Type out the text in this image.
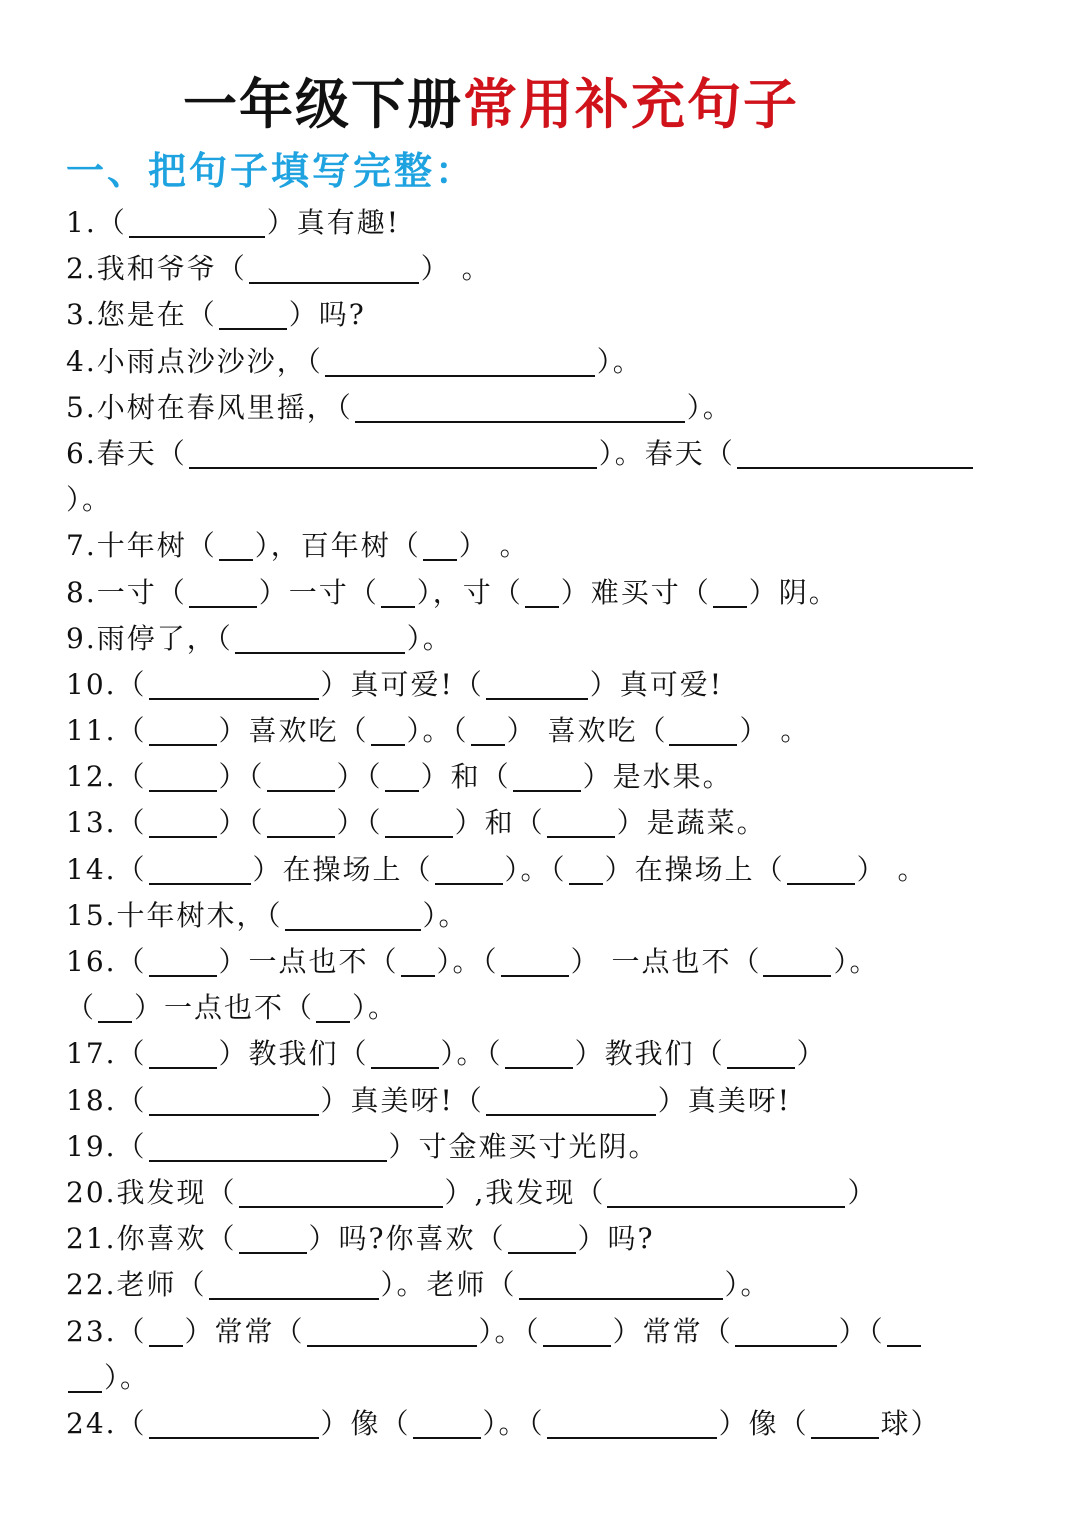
一年级下册常用补充句子
一、把句子填写完整：
1.（	）真有趣!
2.我和爷爷（	） 。
3.您是在（	）吗?
4.小雨点沙沙沙，（	）。
5.小树在春风里摇，（	）。
6.春天（	）。春天（
）。
7.十年树（ ），百年树（ ） 。
8.一寸（	）一寸（ ），寸（ ）难买寸（ ）阴。
9.雨停了，（	）。
10.（	）真可爱!（	）真可爱!
11.（	）喜欢吃（ ）。（ ） 喜欢吃（	） 。
12.（	）（	）（ ）和（	）是水果。
13.（	）（	）（	）和（	）是蔬菜。
14.（	）在操场上（	）。（ ）在操场上（	） 。
15.十年树木，（	）。
16.（	）一点也不（ ）。（	） 一点也不（	）。
（ ）一点也不（ ）。
17.（	）教我们（	）。（	）教我们（	）
18.（	）真美呀!（	）真美呀!
19.（	）寸金难买寸光阴。
20.我发现（	）,我发现（	）
21.你喜欢（	）吗?你喜欢（	）吗?
22.老师（	）。老师（	）。
23.（ ）常常（	）。（	）常常（	）（
）。
24.（	）像（	）。（	）像（	球）
